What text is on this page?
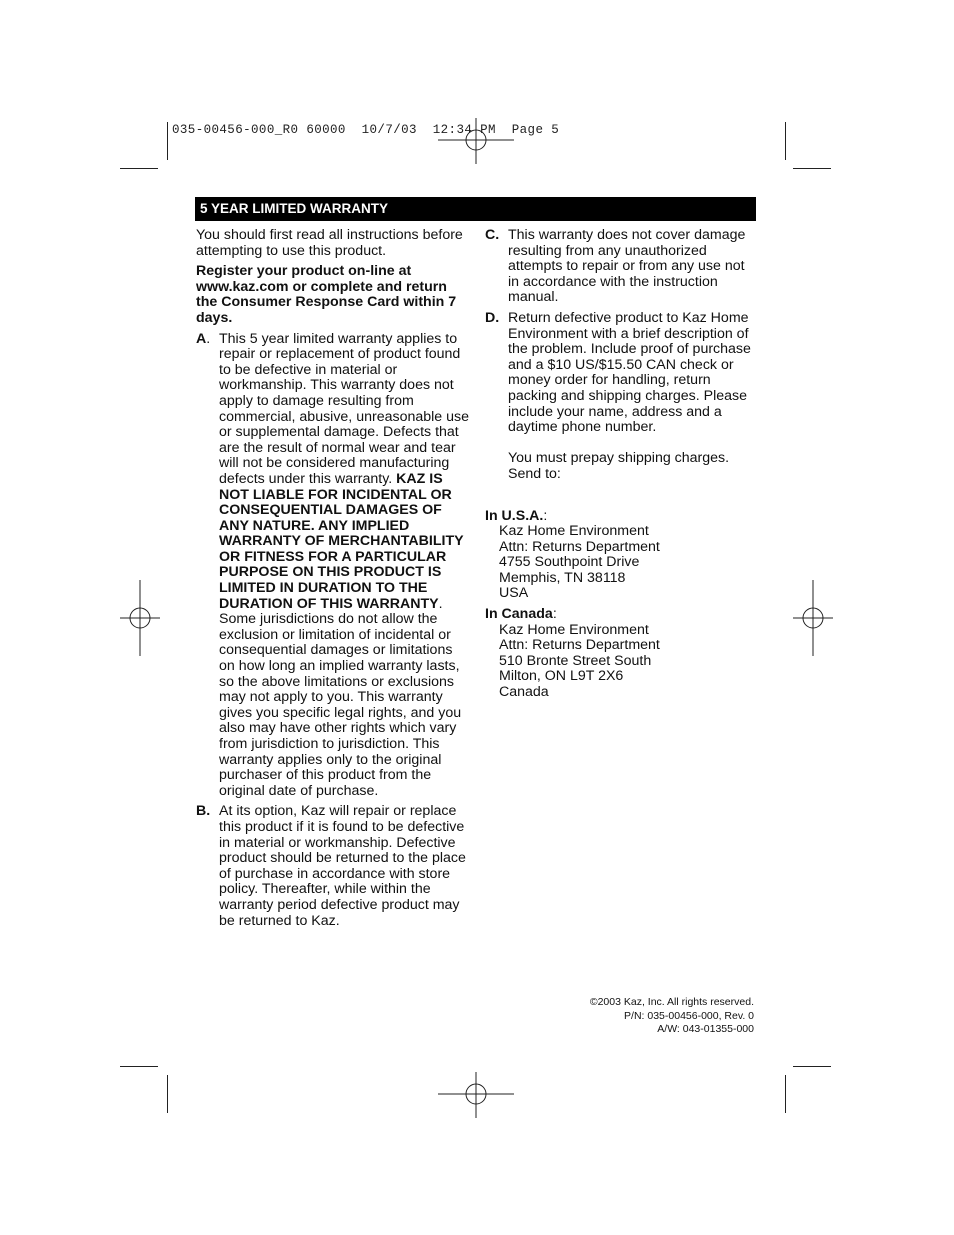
035-00456-000_R0 60000  10/7/03  12:34 PM  Page 5
5 YEAR LIMITED WARRANTY

You should first read all instructions before attempting to use this product.

Register your product on-line at www.kaz.com or complete and return the Consumer Response Card within 7 days.

A. This 5 year limited warranty applies to repair or replacement of product found to be defective in material or workmanship. This warranty does not apply to damage resulting from commercial, abusive, unreasonable use or supplemental damage. Defects that are the result of normal wear and tear will not be considered manufacturing defects under this warranty. KAZ IS NOT LIABLE FOR INCIDENTAL OR CONSEQUENTIAL DAMAGES OF ANY NATURE. ANY IMPLIED WARRANTY OF MERCHANTABILITY OR FITNESS FOR A PARTICULAR PURPOSE ON THIS PRODUCT IS LIMITED IN DURATION TO THE DURATION OF THIS WARRANTY. Some jurisdictions do not allow the exclusion or limitation of incidental or consequential damages or limitations on how long an implied warranty lasts, so the above limitations or exclusions may not apply to you. This warranty gives you specific legal rights, and you also may have other rights which vary from jurisdiction to jurisdiction. This warranty applies only to the original purchaser of this product from the original date of purchase.
B. At its option, Kaz will repair or replace this product if it is found to be defective in material or workmanship. Defective product should be returned to the place of purchase in accordance with store policy. Thereafter, while within the warranty period defective product may be returned to Kaz.
C. This warranty does not cover damage resulting from any unauthorized attempts to repair or from any use not in accordance with the instruction manual.
D. Return defective product to Kaz Home Environment with a brief description of the problem. Include proof of purchase and a $10 US/$15.50 CAN check or money order for handling, return packing and shipping charges. Please include your name, address and a daytime phone number.
You must prepay shipping charges. Send to:
In U.S.A.:
Kaz Home Environment
Attn: Returns Department
4755 Southpoint Drive
Memphis, TN 38118
USA
In Canada:
Kaz Home Environment
Attn: Returns Department
510 Bronte Street South
Milton, ON L9T 2X6
Canada
©2003 Kaz, Inc. All rights reserved.
P/N: 035-00456-000, Rev. 0
A/W: 043-01355-000
